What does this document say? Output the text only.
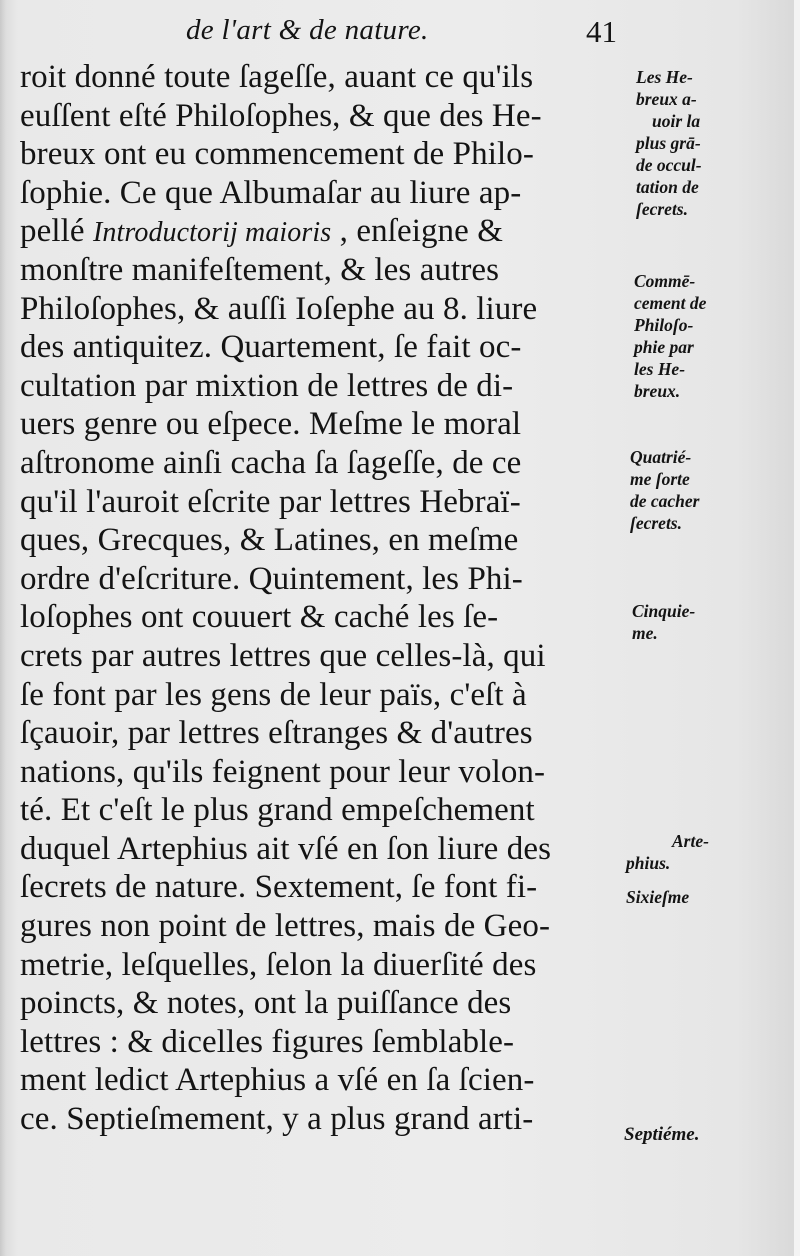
de l'art & de nature.	41
roit donné toute ſageſſe, auant ce qu'ils
euſſent eſté Philoſophes, & que des He-
breux ont eu commencement de Philo-
ſophie. Ce que Albumaſar au liure ap-
pellé Introductorij maioris , enſeigne &
monſtre manifeſtement, & les autres
Philoſophes, & auſſi Ioſephe au 8. liure
des antiquitez. Quartement, ſe fait oc-
cultation par mixtion de lettres de di-
uers genre ou eſpece. Meſme le moral
aſtronome ainſi cacha ſa ſageſſe, de ce
qu'il l'auroit eſcrite par lettres Hebraï-
ques, Grecques, & Latines, en meſme
ordre d'eſcriture. Quintement, les Phi-
loſophes ont couuert & caché les ſe-
crets par autres lettres que celles-là, qui
ſe font par les gens de leur païs, c'eſt à
ſçauoir, par lettres eſtranges & d'autres
nations, qu'ils feignent pour leur volon-
té. Et c'eſt le plus grand empeſchement
duquel Artephius ait vſé en ſon liure des
ſecrets de nature. Sextement, ſe font fi-
gures non point de lettres, mais de Geo-
metrie, leſquelles, ſelon la diuerſité des
poincts, & notes, ont la puiſſance des
lettres : & dicelles figures ſemblable-
ment ledict Artephius a vſé en ſa ſcien-
ce. Septieſmement, y a plus grand arti-
Les He-
breux a-
uoir la
plus grā-
de occul-
tation de
ſecrets.
Commē-
cement de
Philoſo-
phie par
les He-
breux.
Quatrié-
me ſorte
de cacher
ſecrets.
Cinquie-
me.
Arte-
phius.
Sixieſme
Septiéme.
